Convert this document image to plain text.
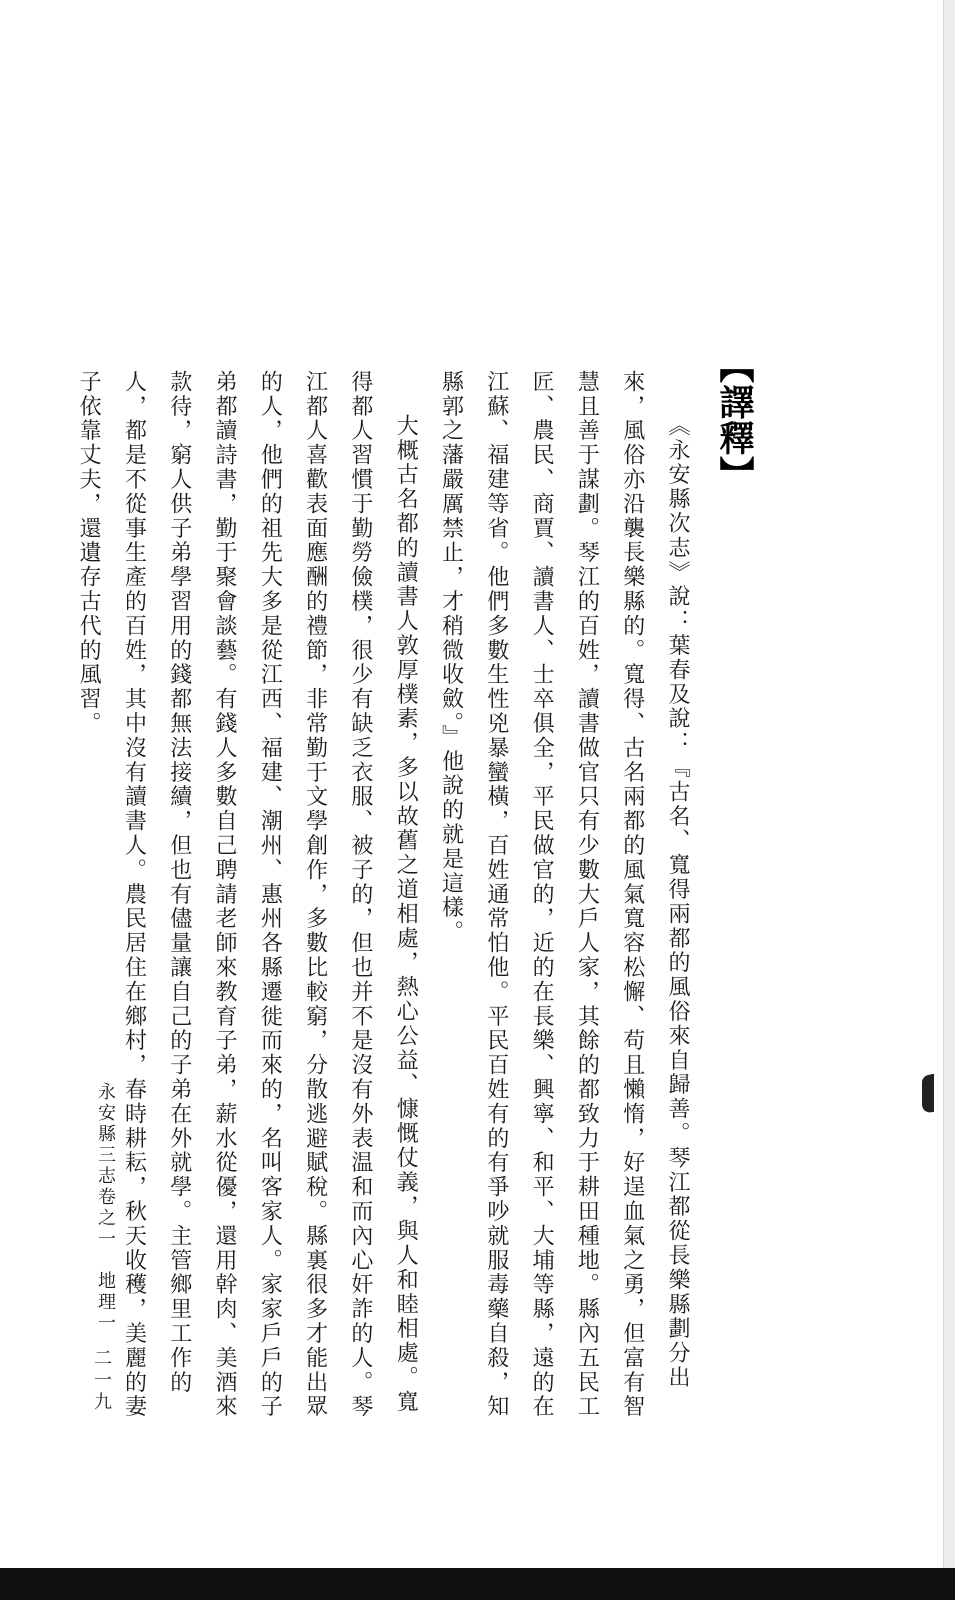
【譯釋】

《永安縣次志》說：葉春及說：『古名、寬得兩都的風俗來自歸善。琴江都從長樂縣劃分出來，風俗亦沿襲長樂縣的。寬得、古名兩都的風氣寬容松懈、苟且懶惰，好逞血氣之勇，但富有智慧且善于謀劃。琴江的百姓，讀書做官只有少數大戶人家，其餘的都致力于耕田種地。縣內五民工匠、農民、商賈、讀書人、士卒俱全，平民做官的，近的在長樂、興寧、和平、大埔等縣，遠的在江蘇、福建等省。他們多數生性兇暴蠻橫，百姓通常怕他。平民百姓有的有爭吵就服毒藥自殺，知縣郭之藩嚴厲禁止，才稍微收斂。』他說的就是這樣。

大概古名都的讀書人敦厚樸素，多以故舊之道相處，熱心公益、慷慨仗義，與人和睦相處。寬得都人習慣于勤勞儉樸，很少有缺乏衣服、被子的，但也并不是沒有外表温和而內心奸詐的人。琴江都人喜歡表面應酬的禮節，非常勤于文學創作，多數比較窮，分散逃避賦稅。縣裏很多才能出眾的人，他們的祖先大多是從江西、福建、潮州、惠州各縣遷徙而來的，名叫客家人。家家戶戶的子弟都讀詩書，勤于聚會談藝。有錢人多數自己聘請老師來教育子弟，薪水從優，還用幹肉、美酒來款待，窮人供子弟學習用的錢都無法接續，但也有儘量讓自己的子弟在外就學。主管鄉里工作的人，都是不從事生產的百姓，其中沒有讀書人。農民居住在鄉村，春時耕耘，秋天收穫，美麗的妻子依靠丈夫，還遺存古代的風習。

永安縣三志卷之一　地理一
二一九
